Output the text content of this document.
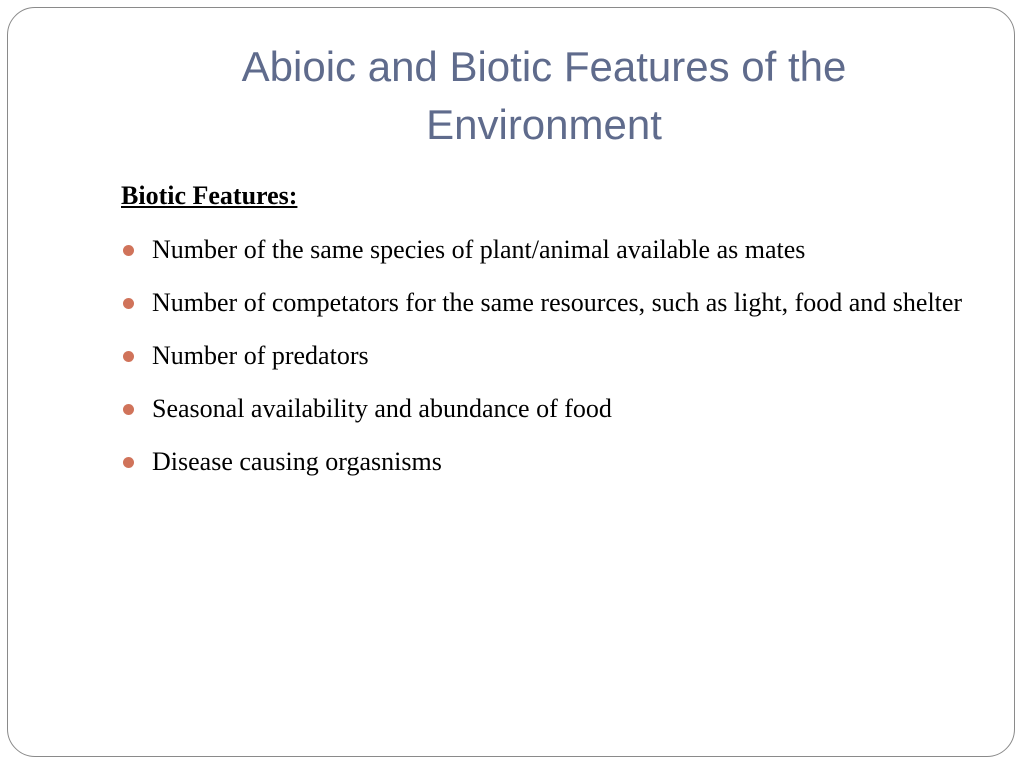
Abioic and Biotic Features of the Environment
Biotic Features:
Number of the same species of plant/animal available as mates
Number of competators for the same resources, such as light, food and shelter
Number of predators
Seasonal availability and abundance of food
Disease causing orgasnisms
